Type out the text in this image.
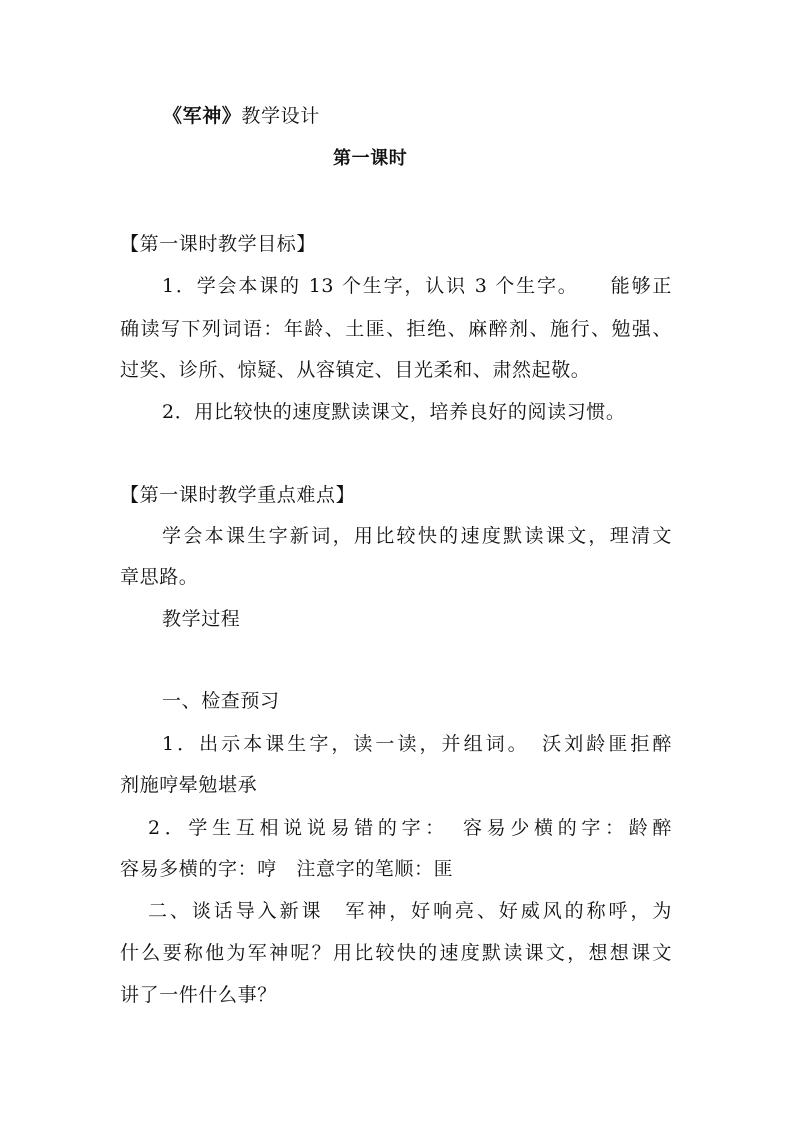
《军神》教学设计
第一课时
【第一课时教学目标】
1．学会本课的 13 个生字，认识 3 个生字。　　能够正
确读写下列词语：年龄、土匪、拒绝、麻醉剂、施行、勉强、
过奖、诊所、惊疑、从容镇定、目光柔和、肃然起敬。
2．用比较快的速度默读课文，培养良好的阅读习惯。
【第一课时教学重点难点】
学会本课生字新词，用比较快的速度默读课文，理清文
章思路。
教学过程
一、检查预习
1．出示本课生字，读一读，并组词。　沃刘龄匪拒醉
剂施哼晕勉堪承
2．学生互相说说易错的字：　容易少横的字：龄醉
容易多横的字：哼　注意字的笔顺：匪
二、谈话导入新课　军神，好响亮、好威风的称呼，为
什么要称他为军神呢？用比较快的速度默读课文，想想课文
讲了一件什么事？
